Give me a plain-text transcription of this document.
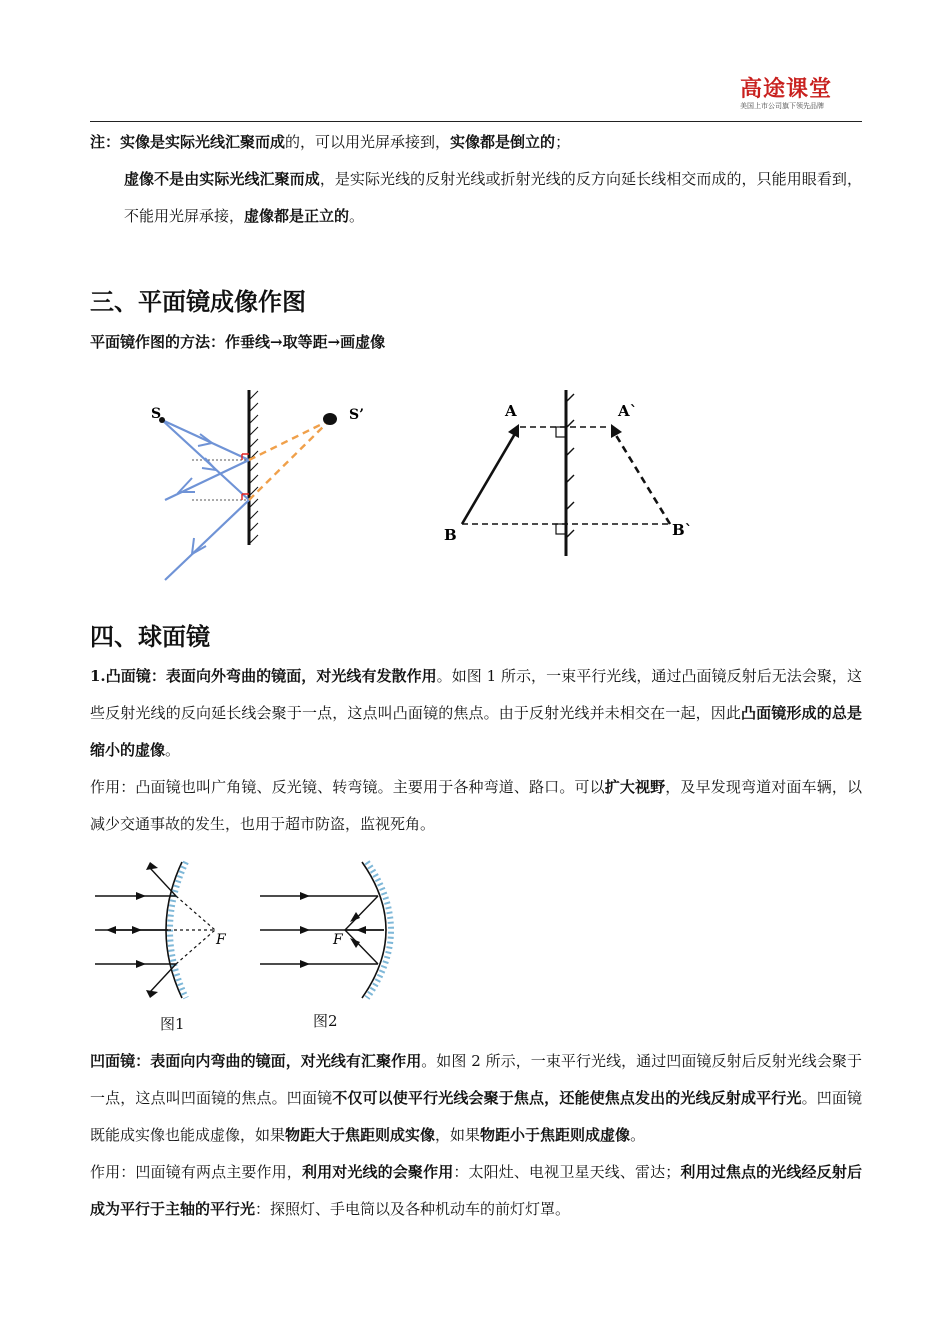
高途课堂
美国上市公司旗下领先品牌

注：实像是实际光线汇聚而成的，可以用光屏承接到，实像都是倒立的；

虚像不是由实际光线汇聚而成，是实际光线的反射光线或折射光线的反方向延长线相交而成的，只能用眼看到，不能用光屏承接，虚像都是正立的。

三、平面镜成像作图

平面镜作图的方法：作垂线→取等距→画虚像

S	S’	A	A`
B	B`
四、球面镜

1.凸面镜：表面向外弯曲的镜面，对光线有发散作用。如图 1 所示，一束平行光线，通过凸面镜反射后无法会聚，这些反射光线的反向延长线会聚于一点，这点叫凸面镜的焦点。由于反射光线并未相交在一起，因此凸面镜形成的总是缩小的虚像。

作用：凸面镜也叫广角镜、反光镜、转弯镜。主要用于各种弯道、路口。可以扩大视野，及早发现弯道对面车辆，以减少交通事故的发生，也用于超市防盗，监视死角。

F	F
图1	图2

凹面镜：表面向内弯曲的镜面，对光线有汇聚作用。如图 2 所示，一束平行光线，通过凹面镜反射后反射光线会聚于一点，这点叫凹面镜的焦点。凹面镜不仅可以使平行光线会聚于焦点，还能使焦点发出的光线反射成平行光。凹面镜既能成实像也能成虚像，如果物距大于焦距则成实像，如果物距小于焦距则成虚像。

作用：凹面镜有两点主要作用，利用对光线的会聚作用：太阳灶、电视卫星天线、雷达；利用过焦点的光线经反射后成为平行于主轴的平行光：探照灯、手电筒以及各种机动车的前灯灯罩。
